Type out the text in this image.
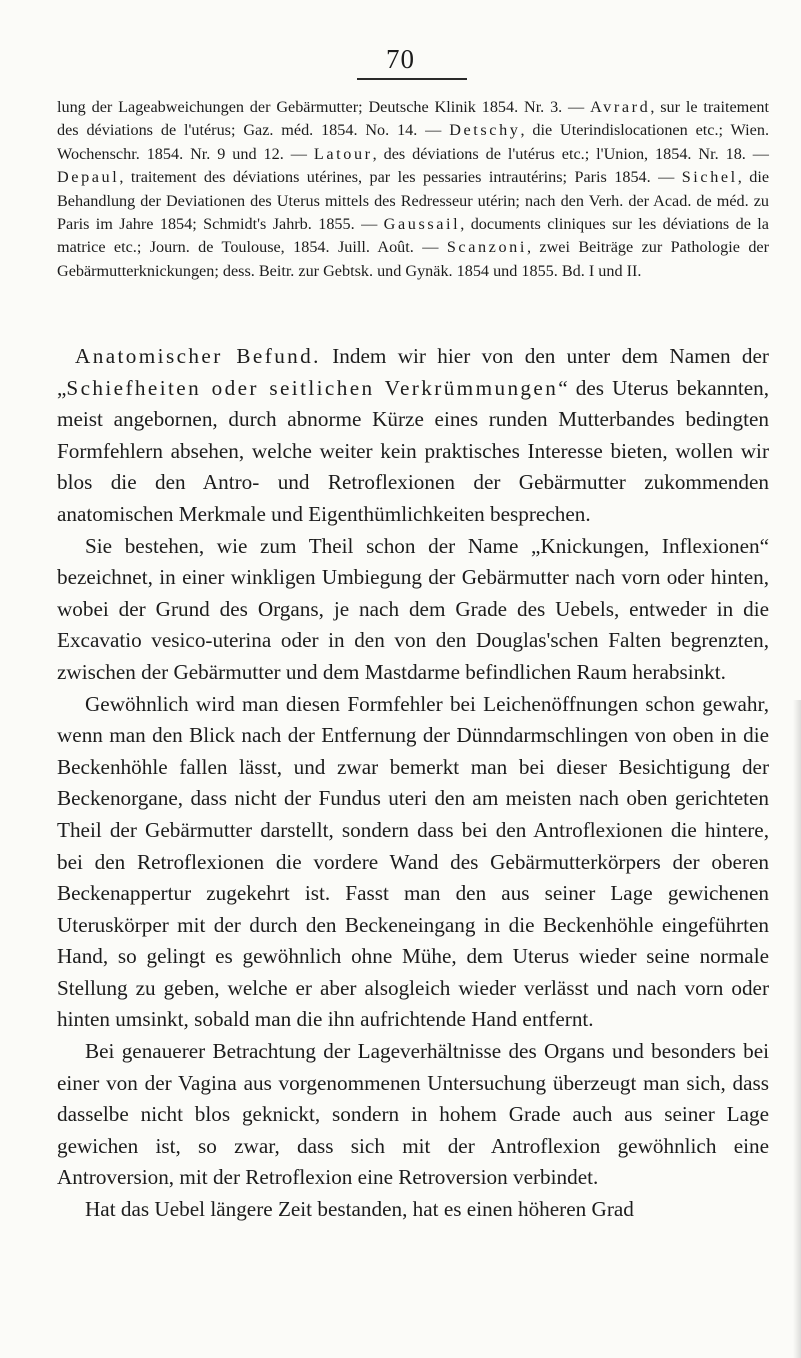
70

lung der Lageabweichungen der Gebärmutter; Deutsche Klinik 1854. Nr. 3. — Avrard, sur le traitement des déviations de l'utérus; Gaz. méd. 1854. No. 14. — Detschy, die Uterindislocationen etc.; Wien. Wochenschr. 1854. Nr. 9 und 12. — Latour, des déviations de l'utérus etc.; l'Union, 1854. Nr. 18. — Depaul, traitement des déviations utérines, par les pessaries intrautérins; Paris 1854. — Sichel, die Behandlung der Deviationen des Uterus mittels des Redresseur utérin; nach den Verh. der Acad. de méd. zu Paris im Jahre 1854; Schmidt's Jahrb. 1855. — Gaussail, documents cliniques sur les déviations de la matrice etc.; Journ. de Toulouse, 1854. Juill. Août. — Scanzoni, zwei Beiträge zur Pathologie der Gebärmutterknickungen; dess. Beitr. zur Gebtsk. und Gynäk. 1854 und 1855. Bd. I und II.

Anatomischer Befund. Indem wir hier von den unter dem Namen der „Schiefheiten oder seitlichen Verkrümmungen“ des Uterus bekannten, meist angebornen, durch abnorme Kürze eines runden Mutterbandes bedingten Formfehlern absehen, welche weiter kein praktisches Interesse bieten, wollen wir blos die den Antro- und Retroflexionen der Gebärmutter zukommenden anatomischen Merkmale und Eigenthümlichkeiten besprechen.

Sie bestehen, wie zum Theil schon der Name „Knickungen, Inflexionen“ bezeichnet, in einer winkligen Umbiegung der Gebärmutter nach vorn oder hinten, wobei der Grund des Organs, je nach dem Grade des Uebels, entweder in die Excavatio vesico-uterina oder in den von den Douglas'schen Falten begrenzten, zwischen der Gebärmutter und dem Mastdarme befindlichen Raum herabsinkt.

Gewöhnlich wird man diesen Formfehler bei Leichenöffnungen schon gewahr, wenn man den Blick nach der Entfernung der Dünndarmschlingen von oben in die Beckenhöhle fallen lässt, und zwar bemerkt man bei dieser Besichtigung der Beckenorgane, dass nicht der Fundus uteri den am meisten nach oben gerichteten Theil der Gebärmutter darstellt, sondern dass bei den Antroflexionen die hintere, bei den Retroflexionen die vordere Wand des Gebärmutterkörpers der oberen Beckenappertur zugekehrt ist. Fasst man den aus seiner Lage gewichenen Uteruskörper mit der durch den Beckeneingang in die Beckenhöhle eingeführten Hand, so gelingt es gewöhnlich ohne Mühe, dem Uterus wieder seine normale Stellung zu geben, welche er aber alsogleich wieder verlässt und nach vorn oder hinten umsinkt, sobald man die ihn aufrichtende Hand entfernt.

Bei genauerer Betrachtung der Lageverhältnisse des Organs und besonders bei einer von der Vagina aus vorgenommenen Untersuchung überzeugt man sich, dass dasselbe nicht blos geknickt, sondern in hohem Grade auch aus seiner Lage gewichen ist, so zwar, dass sich mit der Antroflexion gewöhnlich eine Antroversion, mit der Retroflexion eine Retroversion verbindet.

Hat das Uebel längere Zeit bestanden, hat es einen höheren Grad
